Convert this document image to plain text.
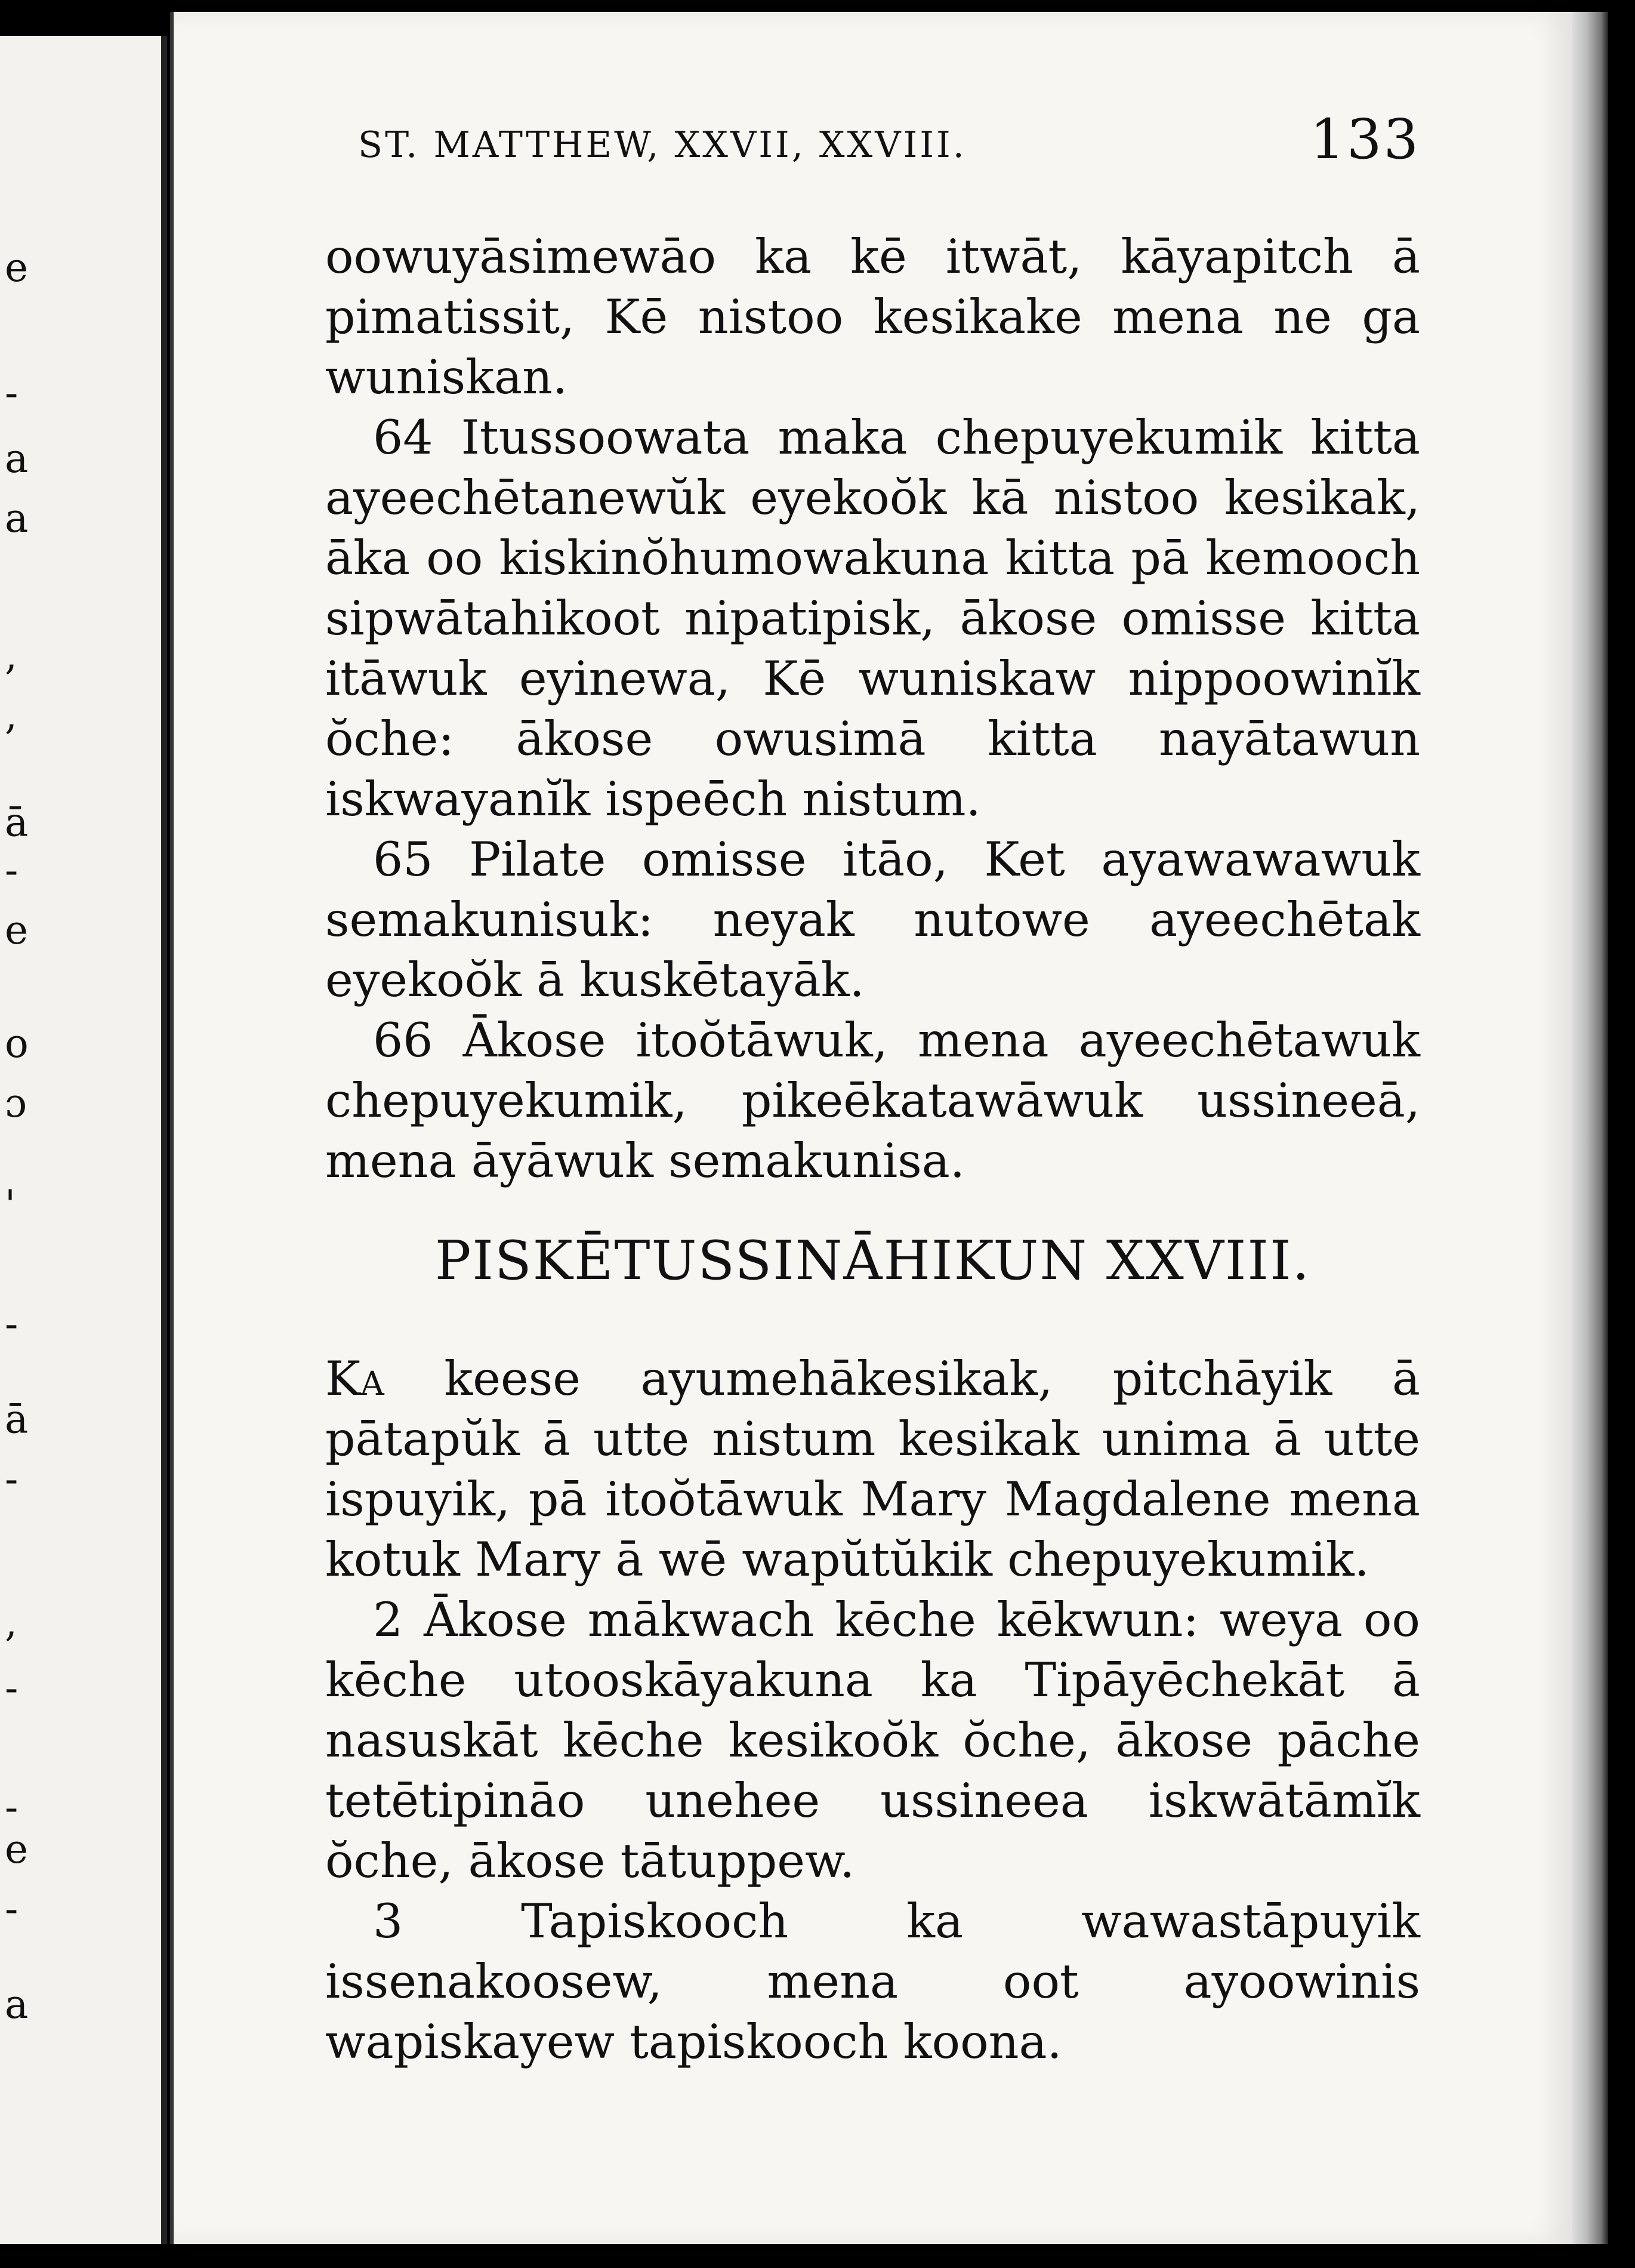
e
-
a
a
,
,
ā
-
e
o
ɔ
'
-
ā
-
,
-
-
e
-
a
ST. MATTHEW, XXVII, XXVIII.	133

oowuyāsimewāo ka kē itwāt, kāyapitch ā pimatissit, Kē nistoo kesikake mena ne ga wuniskan.

64 Itussoowata maka chepuyekumik kitta ayeechētanewŭk eyekoŏk kā nistoo kesikak, āka oo kiskinŏhumowakuna kitta pā kemooch sipwātahikoot nipatipisk, ākose omisse kitta itāwuk eyinewa, Kē wuniskaw nippoowinĭk ŏche: ākose owusimā kitta nayātawun iskwayanĭk ispeēch nistum.

65 Pilate omisse itāo, Ket ayawawawuk semakunisuk: neyak nutowe ayeechētak eyekoŏk ā kuskētayāk.

66 Ākose itoŏtāwuk, mena ayeechētawuk chepuyekumik, pikeēkatawāwuk ussineeā, mena āyāwuk semakunisa.

PISKĒTUSSINĀHIKUN XXVIII.

Ka keese ayumehākesikak, pitchāyik ā pātapŭk ā utte nistum kesikak unima ā utte ispuyik, pā itoŏtāwuk Mary Magdalene mena kotuk Mary ā wē wapŭtŭkik chepuyekumik.

2 Ākose mākwach kēche kēkwun: weya oo kēche utooskāyakuna ka Tipāyēchekāt ā nasuskāt kēche kesikoŏk ŏche, ākose pāche tetētipināo unehee ussineea iskwātāmĭk ŏche, ākose tātuppew.

3 Tapiskooch ka wawastāpuyik issenakoosew, mena oot ayoowinis wapiskayew tapiskooch koona.
